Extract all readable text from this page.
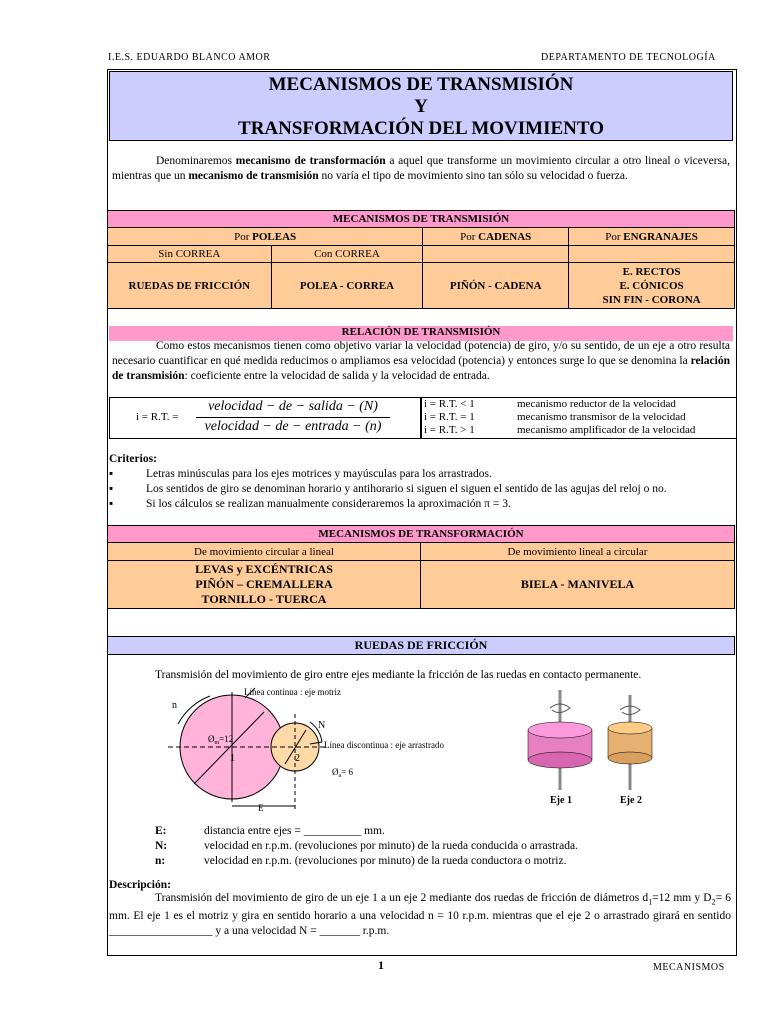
I.E.S. EDUARDO BLANCO AMOR	DEPARTAMENTO DE TECNOLOGÍA
MECANISMOS DE TRANSMISIÓN
Y
TRANSFORMACIÓN DEL MOVIMIENTO
Denominaremos mecanismo de transformación a aquel que transforme un movimiento circular a otro lineal o viceversa, mientras que un mecanismo de transmisión no varía el tipo de movimiento sino tan sólo su velocidad o fuerza.
MECANISMOS DE TRANSMISIÓN			
Por POLEAS		Por CADENAS	Por ENGRANAJES
Sin CORREA	Con CORREA		
RUEDAS DE FRICCIÓN	POLEA - CORREA	PIÑÓN - CADENA	E. RECTOS
E. CÓNICOS
SIN FIN - CORONA
RELACIÓN DE TRANSMISIÓN
Como estos mecanismos tienen como objetivo variar la velocidad (potencia) de giro, y/o su sentido, de un eje a otro resulta necesario cuantificar en qué medida reducimos o ampliamos esa velocidad (potencia) y entonces surge lo que se denomina la relación de transmisión: coeficiente entre la velocidad de salida y la velocidad de entrada.
i = R.T. =
velocidad − de − salida − (N)
velocidad − de − entrada − (n)
i = R.T. < 1	mecanismo reductor de la velocidad
i = R.T. = 1	mecanismo transmisor de la velocidad
i = R.T. > 1	mecanismo amplificador de la velocidad
Criterios:
▪	Letras minúsculas para los ejes motrices y mayúsculas para los arrastrados.
▪	Los sentidos de giro se denominan horario y antihorario si siguen el siguen el sentido de las agujas del reloj o no.
▪	Si los cálculos se realizan manualmente consideraremos la aproximación π = 3.
MECANISMOS DE TRANSFORMACIÓN	
De movimiento circular a lineal	De movimiento lineal a circular

LEVAS y EXCÉNTRICAS
PIÑÓN – CREMALLERA
TORNILLO - TUERCA	BIELA - MANIVELA
RUEDAS DE FRICCIÓN
Transmisión del movimiento de giro entre ejes mediante la fricción de las ruedas en contacto permanente.
n
N
1	2
E
Línea continua : eje motriz
Línea discontinua : eje arrastrado
$Ø_m=12$
$Ø_a= 6$
Eje 1	Eje 2
E:	distancia entre ejes = __________ mm.
N:	velocidad en r.p.m. (revoluciones por minuto) de la rueda conducida o arrastrada.
n:	velocidad en r.p.m. (revoluciones por minuto) de la rueda conductora o motriz.
Descripción:
Transmisión del movimiento de giro de un eje 1 a un eje 2 mediante dos ruedas de fricción de diámetros $d_1=12$ mm y $D_2= 6$ mm. El eje 1 es el motriz y gira en sentido horario a una velocidad n = 10 r.p.m. mientras que el eje 2 o arrastrado girará en sentido __________________ y a una velocidad N = _______ r.p.m.
1	MECANISMOS
